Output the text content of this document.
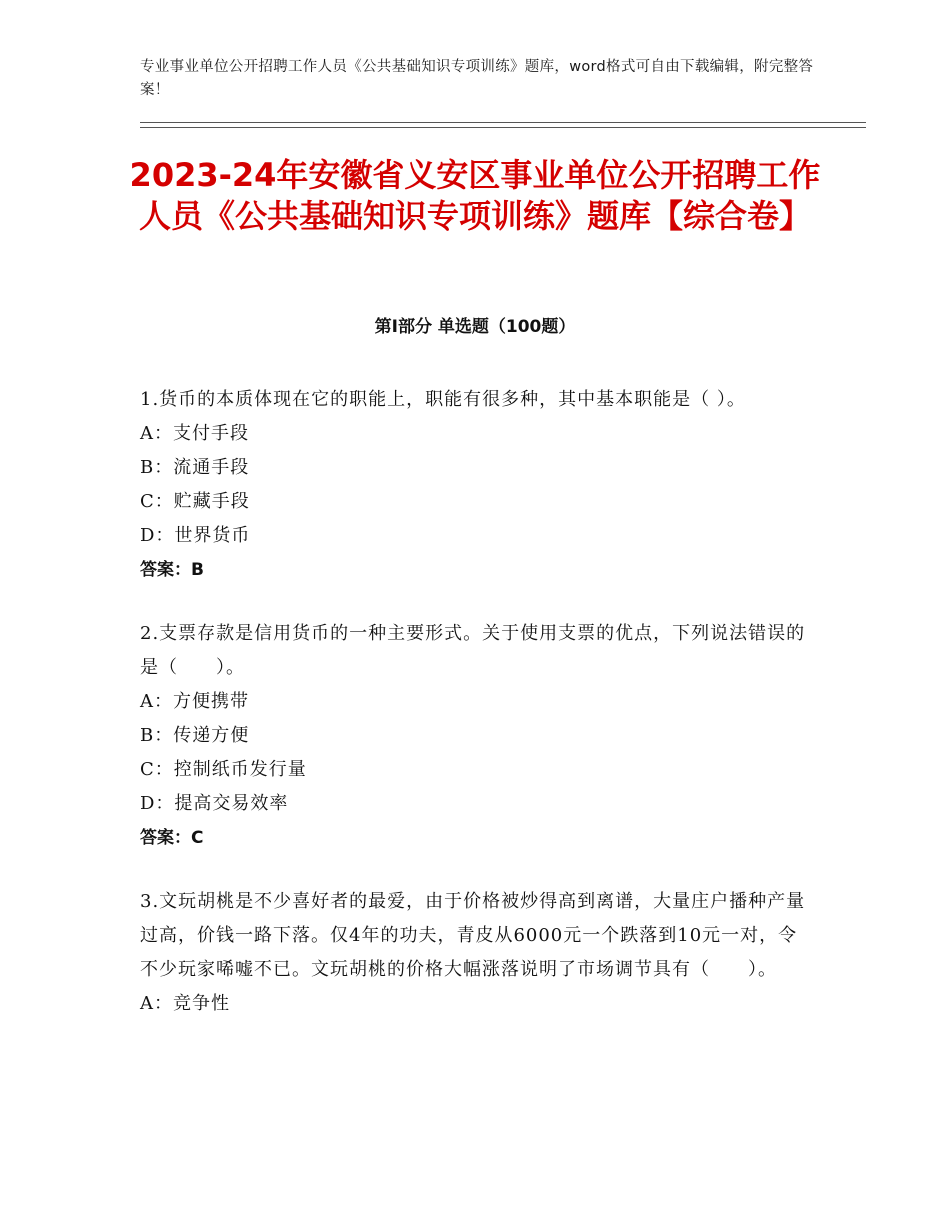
专业事业单位公开招聘工作人员《公共基础知识专项训练》题库，word格式可自由下载编辑，附完整答案！
2023-24年安徽省义安区事业单位公开招聘工作人员《公共基础知识专项训练》题库【综合卷】
第Ⅰ部分 单选题（100题）

1.货币的本质体现在它的职能上，职能有很多种，其中基本职能是（ ）。

A：支付手段

B：流通手段

C：贮藏手段

D：世界货币

答案：B

2.支票存款是信用货币的一种主要形式。关于使用支票的优点，下列说法错误的是（　　）。

A：方便携带

B：传递方便

C：控制纸币发行量

D：提高交易效率

答案：C

3.文玩胡桃是不少喜好者的最爱，由于价格被炒得高到离谱，大量庄户播种产量过高，价钱一路下落。仅4年的功夫，青皮从6000元一个跌落到10元一对，令不少玩家唏嘘不已。文玩胡桃的价格大幅涨落说明了市场调节具有（　　）。

A：竞争性
